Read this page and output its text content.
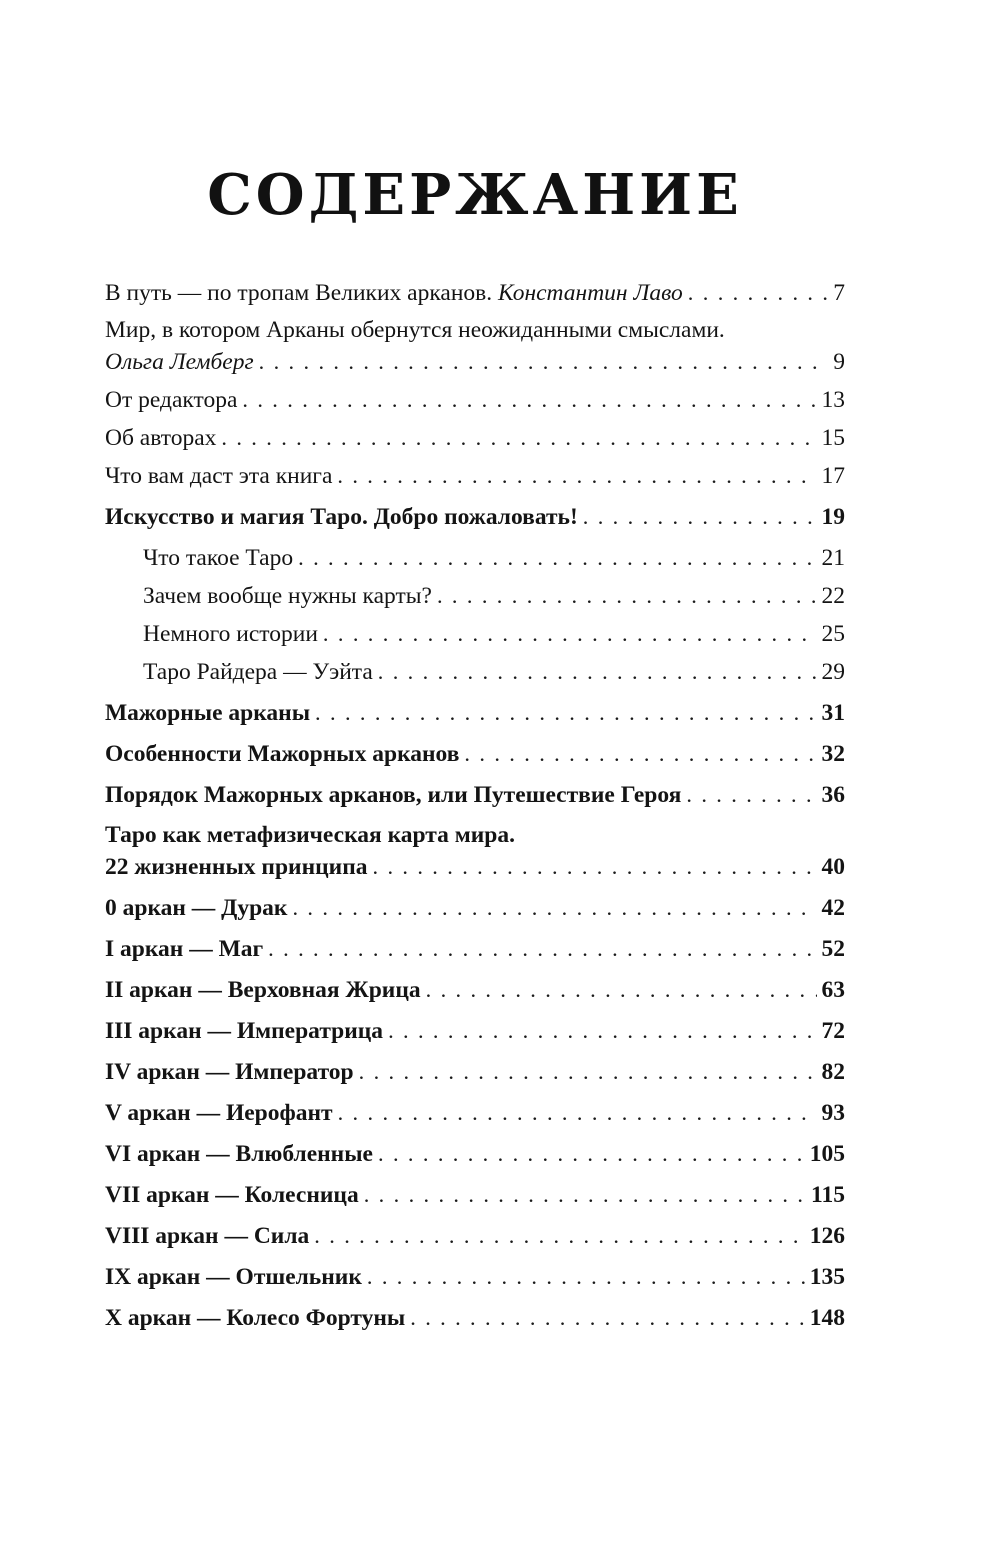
СОДЕРЖАНИЕ
В путь — по тропам Великих арканов. Константин Лаво .....	7
Мир, в котором Арканы обернутся неожиданными смыслами.
Ольга Лемберг .....	9
От редактора .....	13
Об авторах .....	15
Что вам даст эта книга .....	17
Искусство и магия Таро. Добро пожаловать! .....	19
Что такое Таро .....	21
Зачем вообще нужны карты? .....	22
Немного истории .....	25
Таро Райдера — Уэйта .....	29
Мажорные арканы .....	31
Особенности Мажорных арканов .....	32
Порядок Мажорных арканов, или Путешествие Героя .....	36
Таро как метафизическая карта мира.
22 жизненных принципа .....	40
0 аркан — Дурак .....	42
I аркан — Маг .....	52
II аркан — Верховная Жрица .....	63
III аркан — Императрица .....	72
IV аркан — Император .....	82
V аркан — Иерофант .....	93
VI аркан — Влюбленные .....	105
VII аркан — Колесница .....	115
VIII аркан — Сила .....	126
IX аркан — Отшельник .....	135
X аркан — Колесо Фортуны .....	148
